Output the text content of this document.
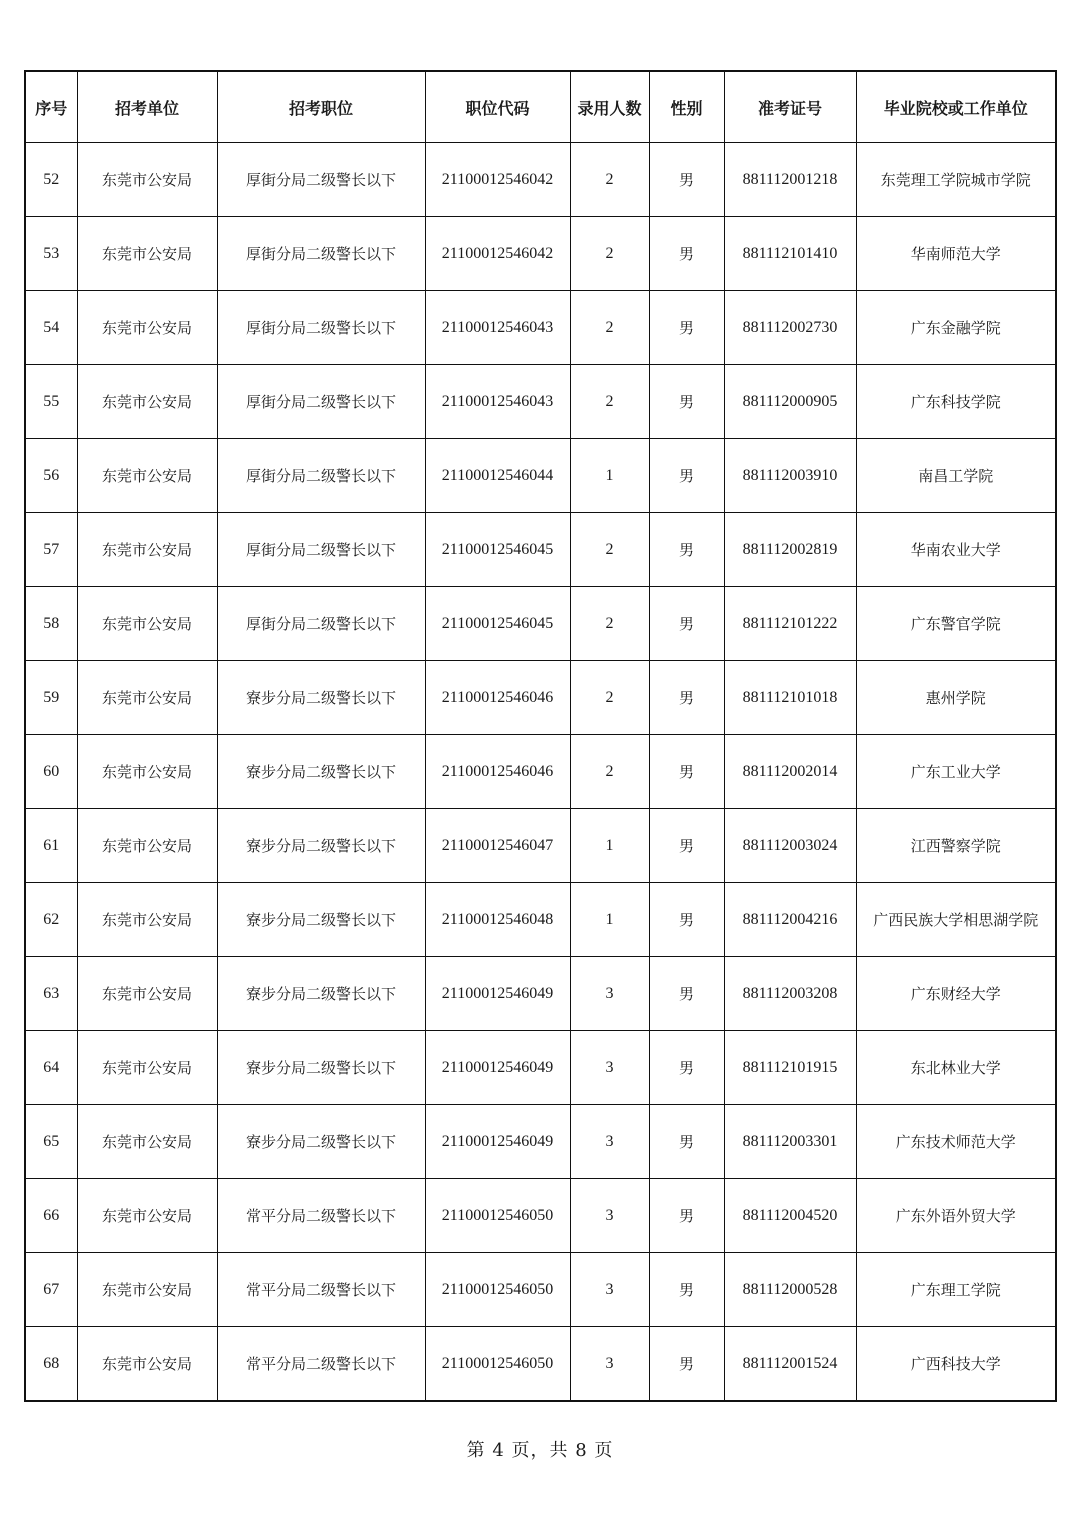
序号	招考单位	招考职位	职位代码	录用人数	性别	准考证号	毕业院校或工作单位
52	东莞市公安局	厚街分局二级警长以下	21100012546042	2	男	881112001218	东莞理工学院城市学院
53	东莞市公安局	厚街分局二级警长以下	21100012546042	2	男	881112101410	华南师范大学
54	东莞市公安局	厚街分局二级警长以下	21100012546043	2	男	881112002730	广东金融学院
55	东莞市公安局	厚街分局二级警长以下	21100012546043	2	男	881112000905	广东科技学院
56	东莞市公安局	厚街分局二级警长以下	21100012546044	1	男	881112003910	南昌工学院
57	东莞市公安局	厚街分局二级警长以下	21100012546045	2	男	881112002819	华南农业大学
58	东莞市公安局	厚街分局二级警长以下	21100012546045	2	男	881112101222	广东警官学院
59	东莞市公安局	寮步分局二级警长以下	21100012546046	2	男	881112101018	惠州学院
60	东莞市公安局	寮步分局二级警长以下	21100012546046	2	男	881112002014	广东工业大学
61	东莞市公安局	寮步分局二级警长以下	21100012546047	1	男	881112003024	江西警察学院
62	东莞市公安局	寮步分局二级警长以下	21100012546048	1	男	881112004216	广西民族大学相思湖学院
63	东莞市公安局	寮步分局二级警长以下	21100012546049	3	男	881112003208	广东财经大学
64	东莞市公安局	寮步分局二级警长以下	21100012546049	3	男	881112101915	东北林业大学
65	东莞市公安局	寮步分局二级警长以下	21100012546049	3	男	881112003301	广东技术师范大学
66	东莞市公安局	常平分局二级警长以下	21100012546050	3	男	881112004520	广东外语外贸大学
67	东莞市公安局	常平分局二级警长以下	21100012546050	3	男	881112000528	广东理工学院
68	东莞市公安局	常平分局二级警长以下	21100012546050	3	男	881112001524	广西科技大学
第 4 页，共 8 页
